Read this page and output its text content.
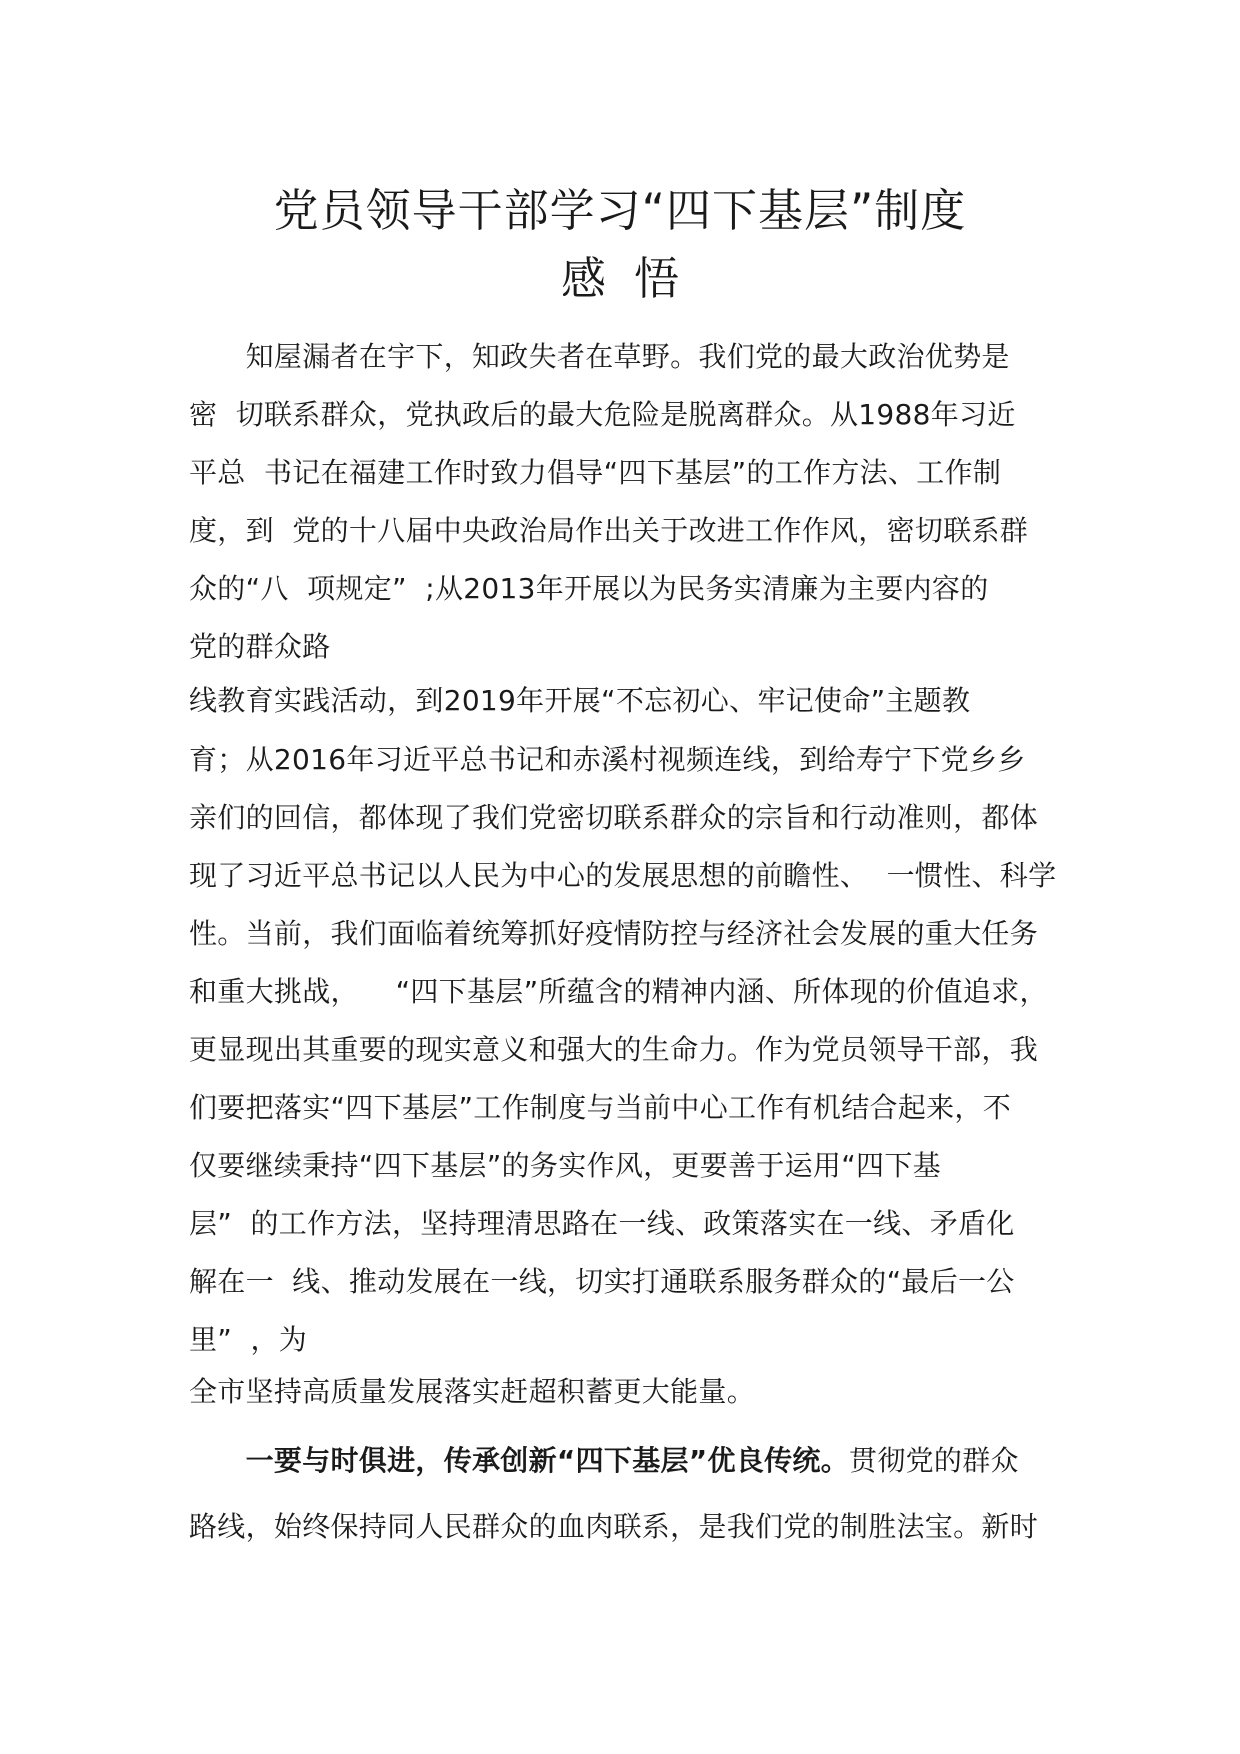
党员领导干部学习“四下基层”制度
感悟
　　知屋漏者在宇下，知政失者在草野。我们党的最大政治优势是
密  切联系群众，党执政后的最大危险是脱离群众。从1988年习近
平总  书记在福建工作时致力倡导“四下基层”的工作方法、工作制
度，到  党的十八届中央政治局作出关于改进工作作风，密切联系群
众的“八  项规定”  ;从2013年开展以为民务实清廉为主要内容的
党的群众路
线教育实践活动，到2019年开展“不忘初心、牢记使命”主题教
育；从2016年习近平总书记和赤溪村视频连线，到给寿宁下党乡乡
亲们的回信，都体现了我们党密切联系群众的宗旨和行动准则，都体
现了习近平总书记以人民为中心的发展思想的前瞻性、  一惯性、科学
性。当前，我们面临着统筹抓好疫情防控与经济社会发展的重大任务
和重大挑战，    “四下基层”所蕴含的精神内涵、所体现的价值追求，
更显现出其重要的现实意义和强大的生命力。作为党员领导干部，我
们要把落实“四下基层”工作制度与当前中心工作有机结合起来，不
仅要继续秉持“四下基层”的务实作风，更要善于运用“四下基
层”  的工作方法，坚持理清思路在一线、政策落实在一线、矛盾化
解在一  线、推动发展在一线，切实打通联系服务群众的“最后一公
里”  ，为
全市坚持高质量发展落实赶超积蓄更大能量。
　　一要与时俱进，传承创新“四下基层”优良传统。贯彻党的群众
路线，始终保持同人民群众的血肉联系，是我们党的制胜法宝。新时
